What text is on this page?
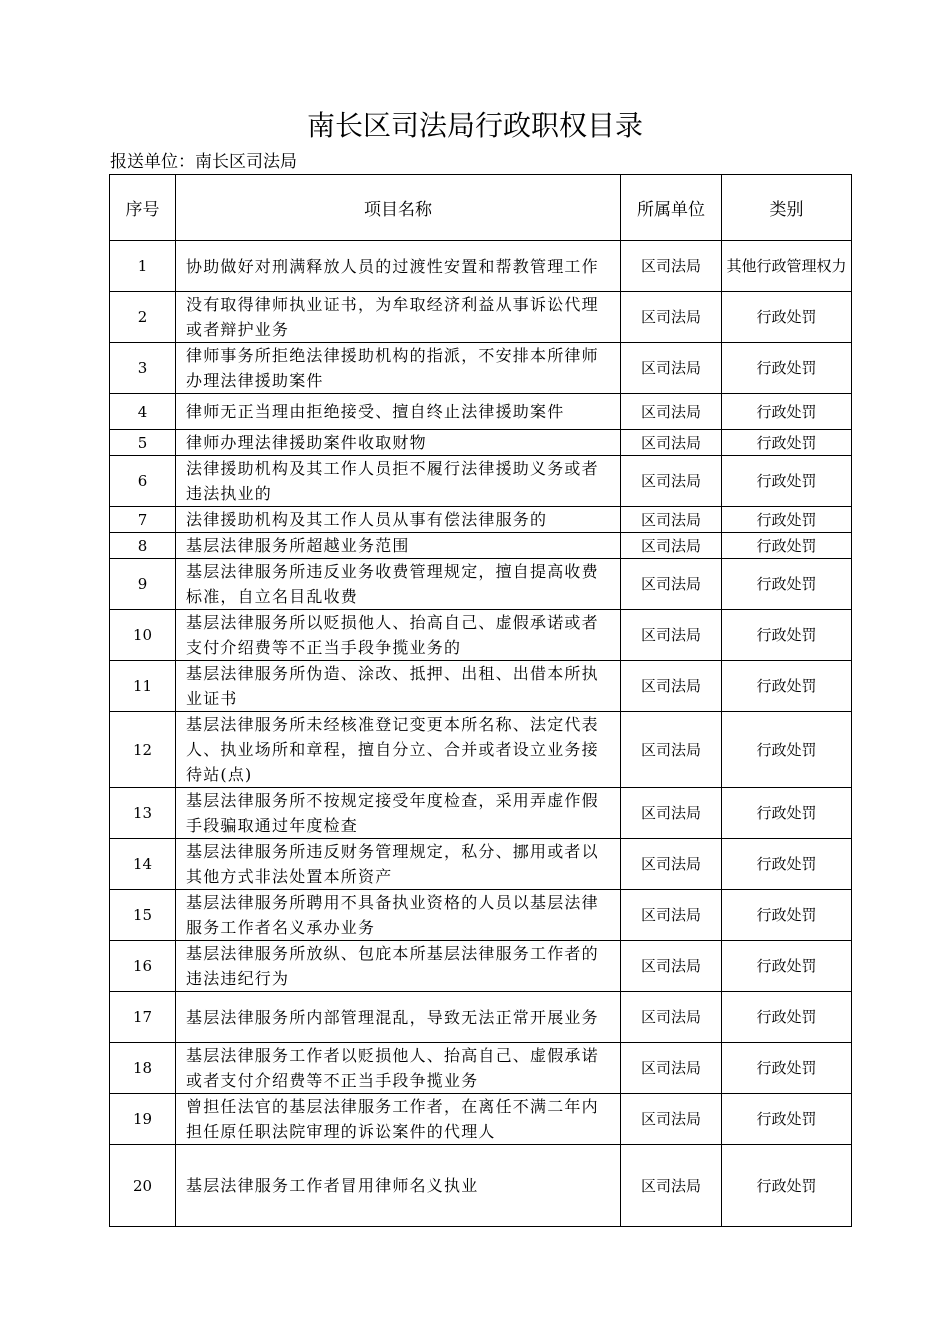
南长区司法局行政职权目录
报送单位：南长区司法局
序号	项目名称	所属单位	类别
1	协助做好对刑满释放人员的过渡性安置和帮教管理工作	区司法局	其他行政管理权力
2	没有取得律师执业证书，为牟取经济利益从事诉讼代理或者辩护业务	区司法局	行政处罚
3	律师事务所拒绝法律援助机构的指派，不安排本所律师办理法律援助案件	区司法局	行政处罚
4	律师无正当理由拒绝接受、擅自终止法律援助案件	区司法局	行政处罚
5	律师办理法律援助案件收取财物	区司法局	行政处罚
6	法律援助机构及其工作人员拒不履行法律援助义务或者违法执业的	区司法局	行政处罚
7	法律援助机构及其工作人员从事有偿法律服务的	区司法局	行政处罚
8	基层法律服务所超越业务范围	区司法局	行政处罚
9	基层法律服务所违反业务收费管理规定，擅自提高收费标准，自立名目乱收费	区司法局	行政处罚
10	基层法律服务所以贬损他人、抬高自己、虚假承诺或者支付介绍费等不正当手段争揽业务的	区司法局	行政处罚
11	基层法律服务所伪造、涂改、抵押、出租、出借本所执业证书	区司法局	行政处罚
12	基层法律服务所未经核准登记变更本所名称、法定代表人、执业场所和章程，擅自分立、合并或者设立业务接待站(点)	区司法局	行政处罚
13	基层法律服务所不按规定接受年度检查，采用弄虚作假手段骗取通过年度检查	区司法局	行政处罚
14	基层法律服务所违反财务管理规定，私分、挪用或者以其他方式非法处置本所资产	区司法局	行政处罚
15	基层法律服务所聘用不具备执业资格的人员以基层法律服务工作者名义承办业务	区司法局	行政处罚
16	基层法律服务所放纵、包庇本所基层法律服务工作者的违法违纪行为	区司法局	行政处罚
17	基层法律服务所内部管理混乱，导致无法正常开展业务	区司法局	行政处罚
18	基层法律服务工作者以贬损他人、抬高自己、虚假承诺或者支付介绍费等不正当手段争揽业务	区司法局	行政处罚
19	曾担任法官的基层法律服务工作者，在离任不满二年内担任原任职法院审理的诉讼案件的代理人	区司法局	行政处罚
20	基层法律服务工作者冒用律师名义执业	区司法局	行政处罚
